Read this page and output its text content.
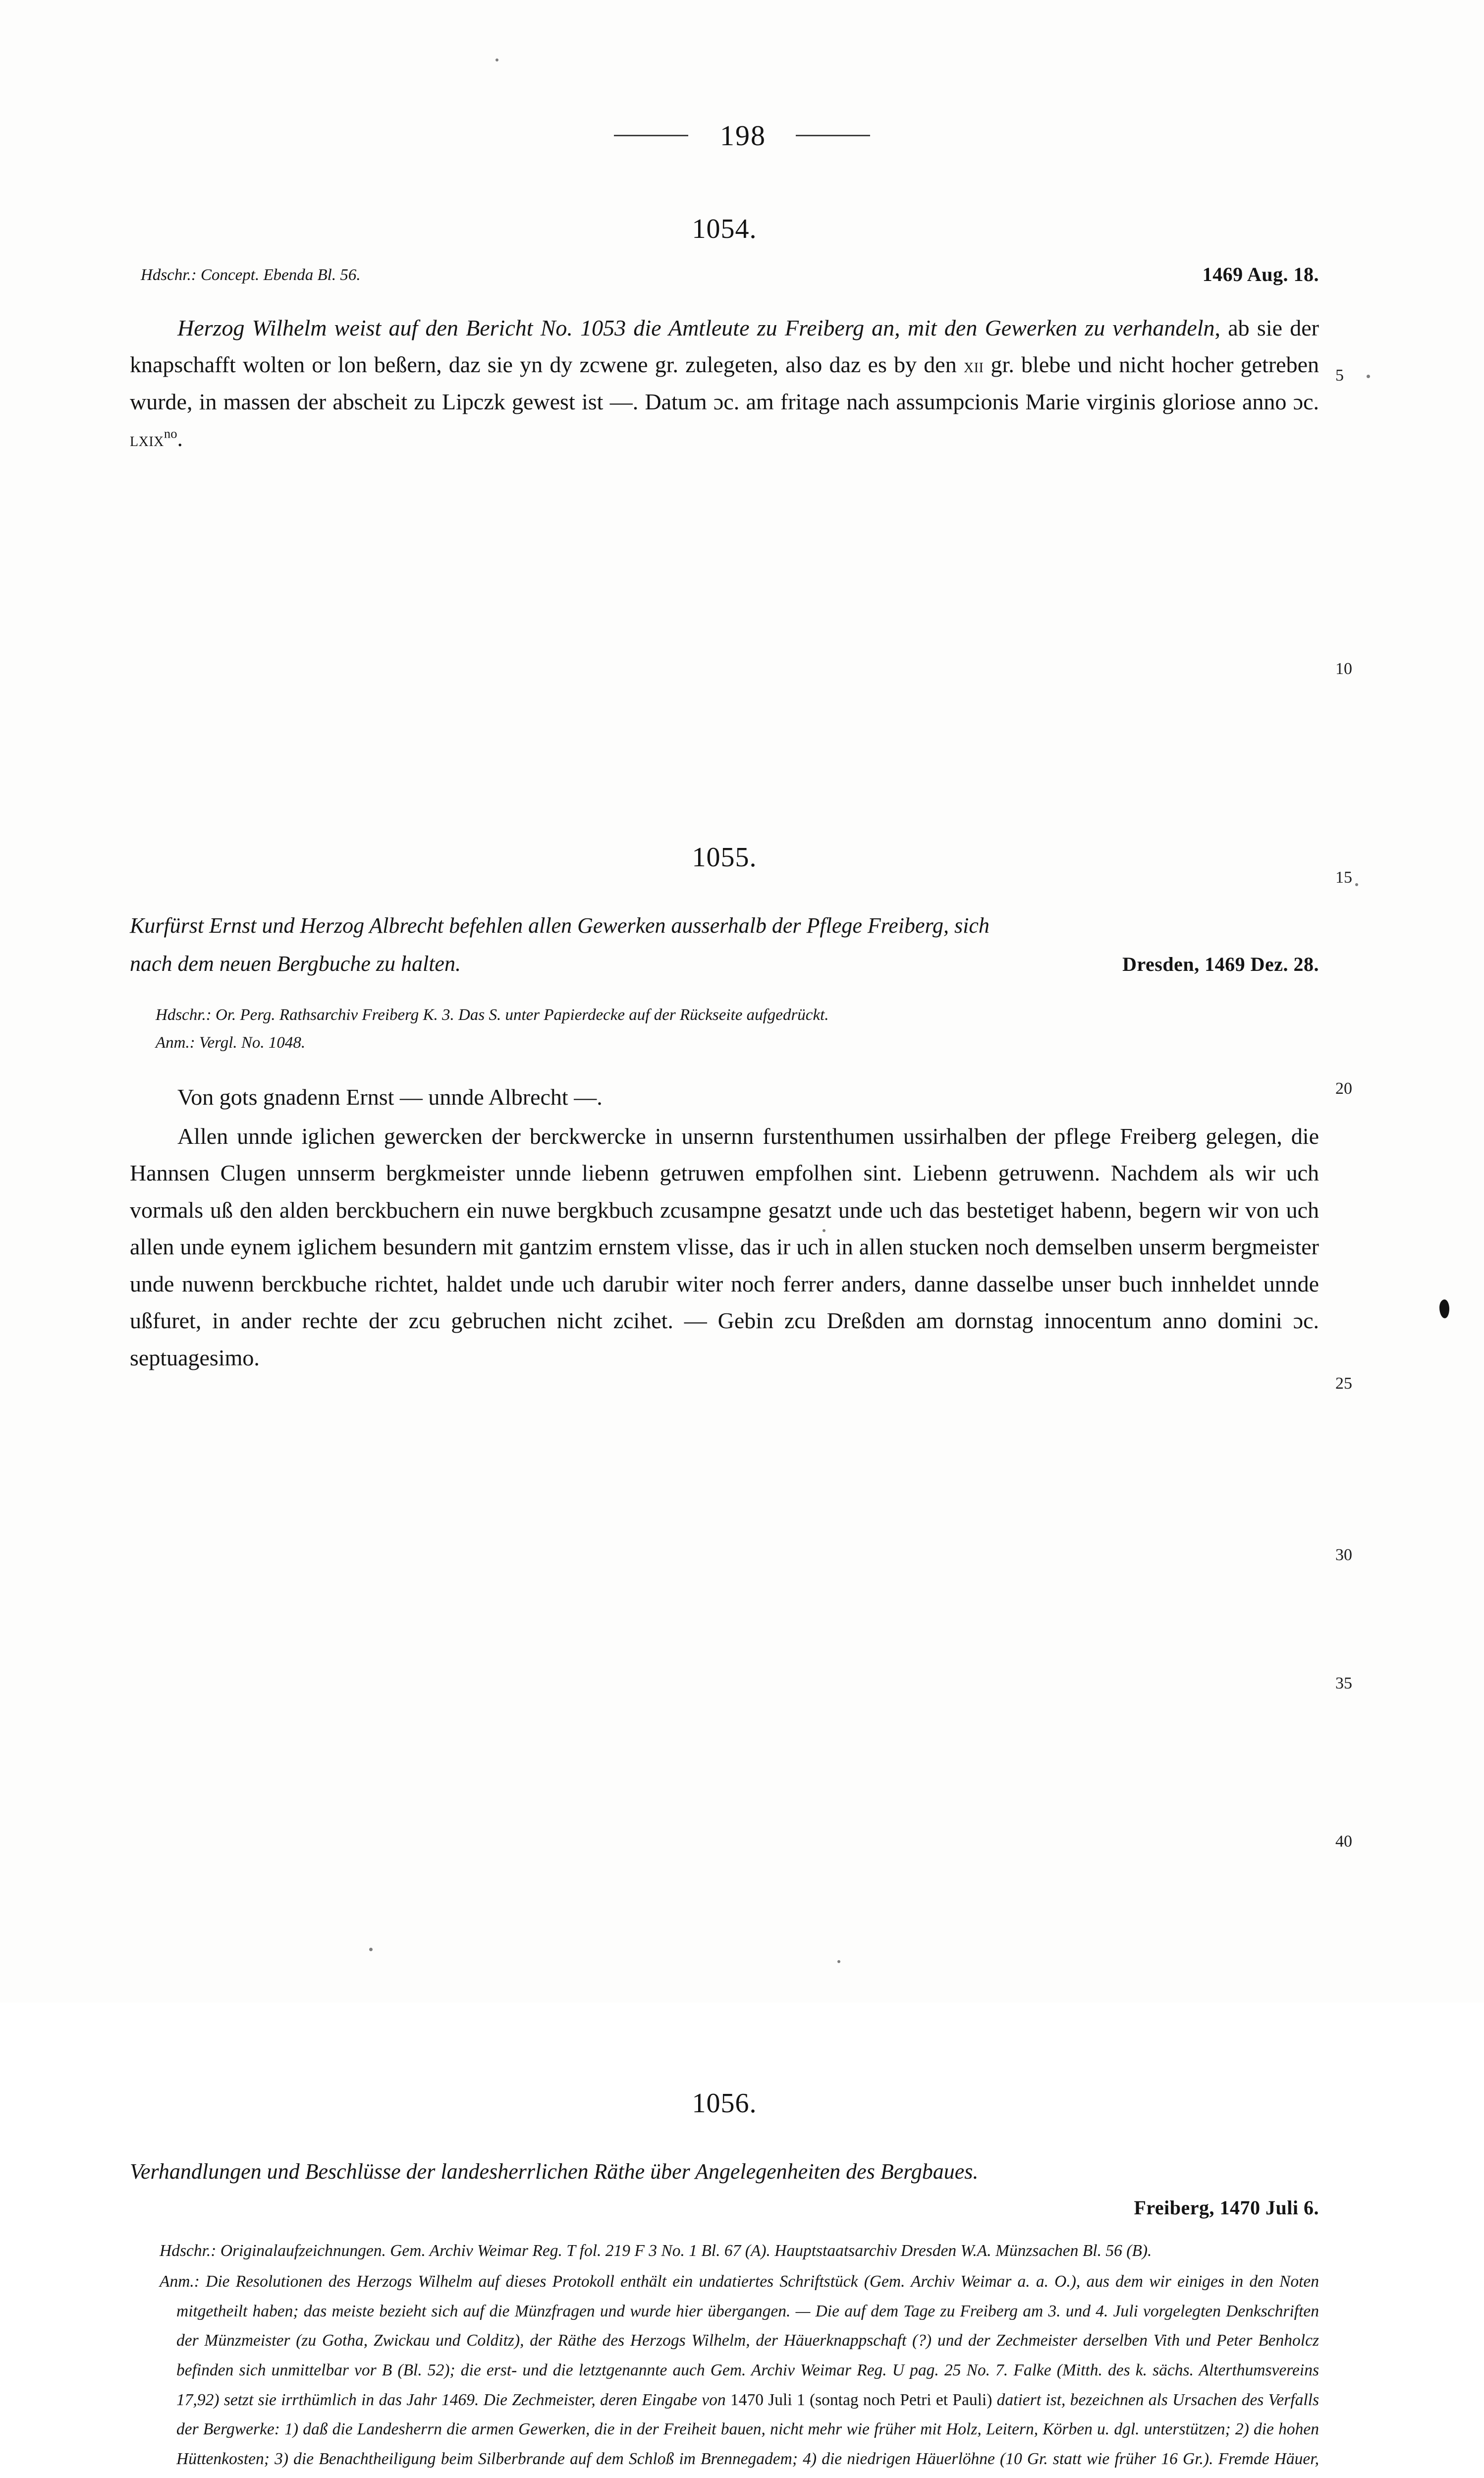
198
1054.
1469 Aug. 18.
Hdschr.: Concept. Ebenda Bl. 56.

Herzog Wilhelm weist auf den Bericht No. 1053 die Amtleute zu Freiberg an, mit den Gewerken zu verhandeln, ab sie der knapschafft wolten or lon beßern, daz sie yn dy zcwene gr. zulegeten, also daz es by den xii gr. blebe und nicht hocher getreben wurde, in massen der abscheit zu Lipczk gewest ist —. Datum ɔc. am fritage nach assumpcionis Marie virginis gloriose anno ɔc. lxix$^{no}$.

1055.
Kurfürst Ernst und Herzog Albrecht befehlen allen Gewerken ausserhalb der Pflege Freiberg, sich
nach dem neuen Bergbuche zu halten.	Dresden, 1469 Dez. 28.
Hdschr.: Or. Perg. Rathsarchiv Freiberg K. 3. Das S. unter Papierdecke auf der Rückseite aufgedrückt.
Anm.: Vergl. No. 1048.

Von gots gnadenn Ernst — unnde Albrecht —.

Allen unnde iglichen gewercken der berckwercke in unsernn furstenthumen ussirhalben der pflege Freiberg gelegen, die Hannsen Clugen unnserm bergkmeister unnde liebenn getruwen empfolhen sint. Liebenn getruwenn. Nachdem als wir uch vormals uß den alden berckbuchern ein nuwe bergkbuch zcusampne gesatzt unde uch das bestetiget habenn, begern wir von uch allen unde eynem iglichem besundern mit gantzim ernstem vlisse, das ir uch in allen stucken noch demselben unserm bergmeister unde nuwenn berckbuche richtet, haldet unde uch darubir witer noch ferrer anders, danne dasselbe unser buch innheldet unnde ußfuret, in ander rechte der zcu gebruchen nicht zcihet. — Gebin zcu Dreßden am dornstag innocentum anno domini ɔc. septuagesimo.

1056.
Verhandlungen und Beschlüsse der landesherrlichen Räthe über Angelegenheiten des Bergbaues.
Freiberg, 1470 Juli 6.

Hdschr.: Originalaufzeichnungen. Gem. Archiv Weimar Reg. T fol. 219 F 3 No. 1 Bl. 67 (A). Hauptstaatsarchiv Dresden W.A. Münzsachen Bl. 56 (B).

Anm.: Die Resolutionen des Herzogs Wilhelm auf dieses Protokoll enthält ein undatiertes Schriftstück (Gem. Archiv Weimar a. a. O.), aus dem wir einiges in den Noten mitgetheilt haben; das meiste bezieht sich auf die Münzfragen und wurde hier übergangen. — Die auf dem Tage zu Freiberg am 3. und 4. Juli vorgelegten Denkschriften der Münzmeister (zu Gotha, Zwickau und Colditz), der Räthe des Herzogs Wilhelm, der Häuerknappschaft (?) und der Zechmeister derselben Vith und Peter Benholcz befinden sich unmittelbar vor B (Bl. 52); die erst- und die letztgenannte auch Gem. Archiv Weimar Reg. U pag. 25 No. 7. Falke (Mitth. des k. sächs. Alterthumsvereins 17,92) setzt sie irrthümlich in das Jahr 1469. Die Zechmeister, deren Eingabe von 1470 Juli 1 (sontag noch Petri et Pauli) datiert ist, bezeichnen als Ursachen des Verfalls der Bergwerke: 1) daß die Landesherrn die armen Gewerken, die in der Freiheit bauen, nicht mehr wie früher mit Holz, Leitern, Körben u. dgl. unterstützen; 2) die hohen Hüttenkosten; 3) die Benachtheiligung beim Silberbrande auf dem Schloß im Brennegadem; 4) die niedrigen Häuerlöhne (10 Gr. statt wie früher 16 Gr.). Fremde Häuer,

5
10
15
20
25
30
35
40
